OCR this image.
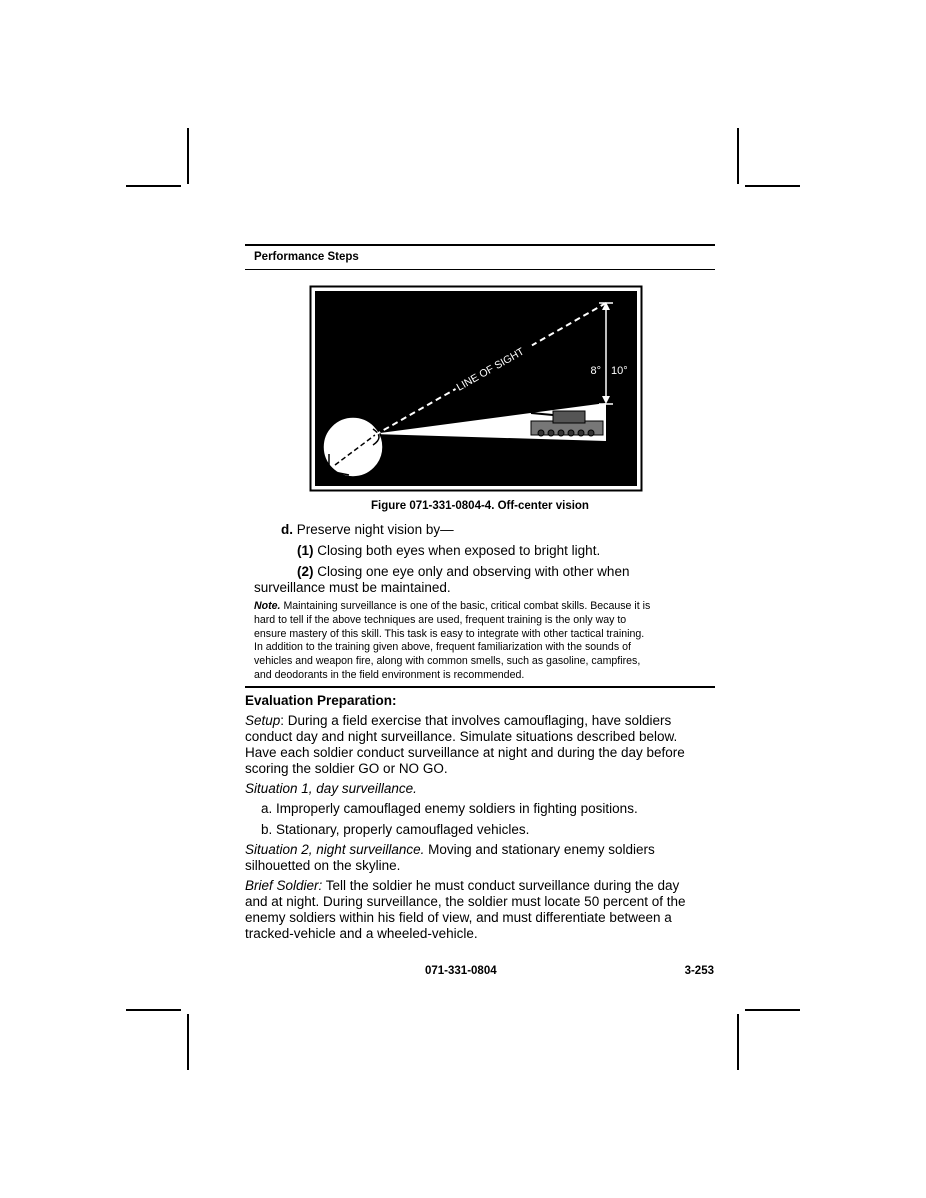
Performance Steps
LINE OF SIGHT	8° 10°
Figure 071-331-0804-4. Off-center vision

d. Preserve night vision by—

(1) Closing both eyes when exposed to bright light.

(2) Closing one eye only and observing with other when

surveillance must be maintained.

Note. Maintaining surveillance is one of the basic, critical combat skills. Because it is
hard to tell if the above techniques are used, frequent training is the only way to
ensure mastery of this skill. This task is easy to integrate with other tactical training.
In addition to the training given above, frequent familiarization with the sounds of
vehicles and weapon fire, along with common smells, such as gasoline, campfires,
and deodorants in the field environment is recommended.
Evaluation Preparation:
Setup: During a field exercise that involves camouflaging, have soldiers
conduct day and night surveillance. Simulate situations described below.
Have each soldier conduct surveillance at night and during the day before
scoring the soldier GO or NO GO.

Situation 1, day surveillance.

a. Improperly camouflaged enemy soldiers in fighting positions.

b. Stationary, properly camouflaged vehicles.

Situation 2, night surveillance. Moving and stationary enemy soldiers
silhouetted on the skyline.
Brief Soldier: Tell the soldier he must conduct surveillance during the day
and at night. During surveillance, the soldier must locate 50 percent of the
enemy soldiers within his field of view, and must differentiate between a
tracked-vehicle and a wheeled-vehicle.
071-331-0804	3-253
